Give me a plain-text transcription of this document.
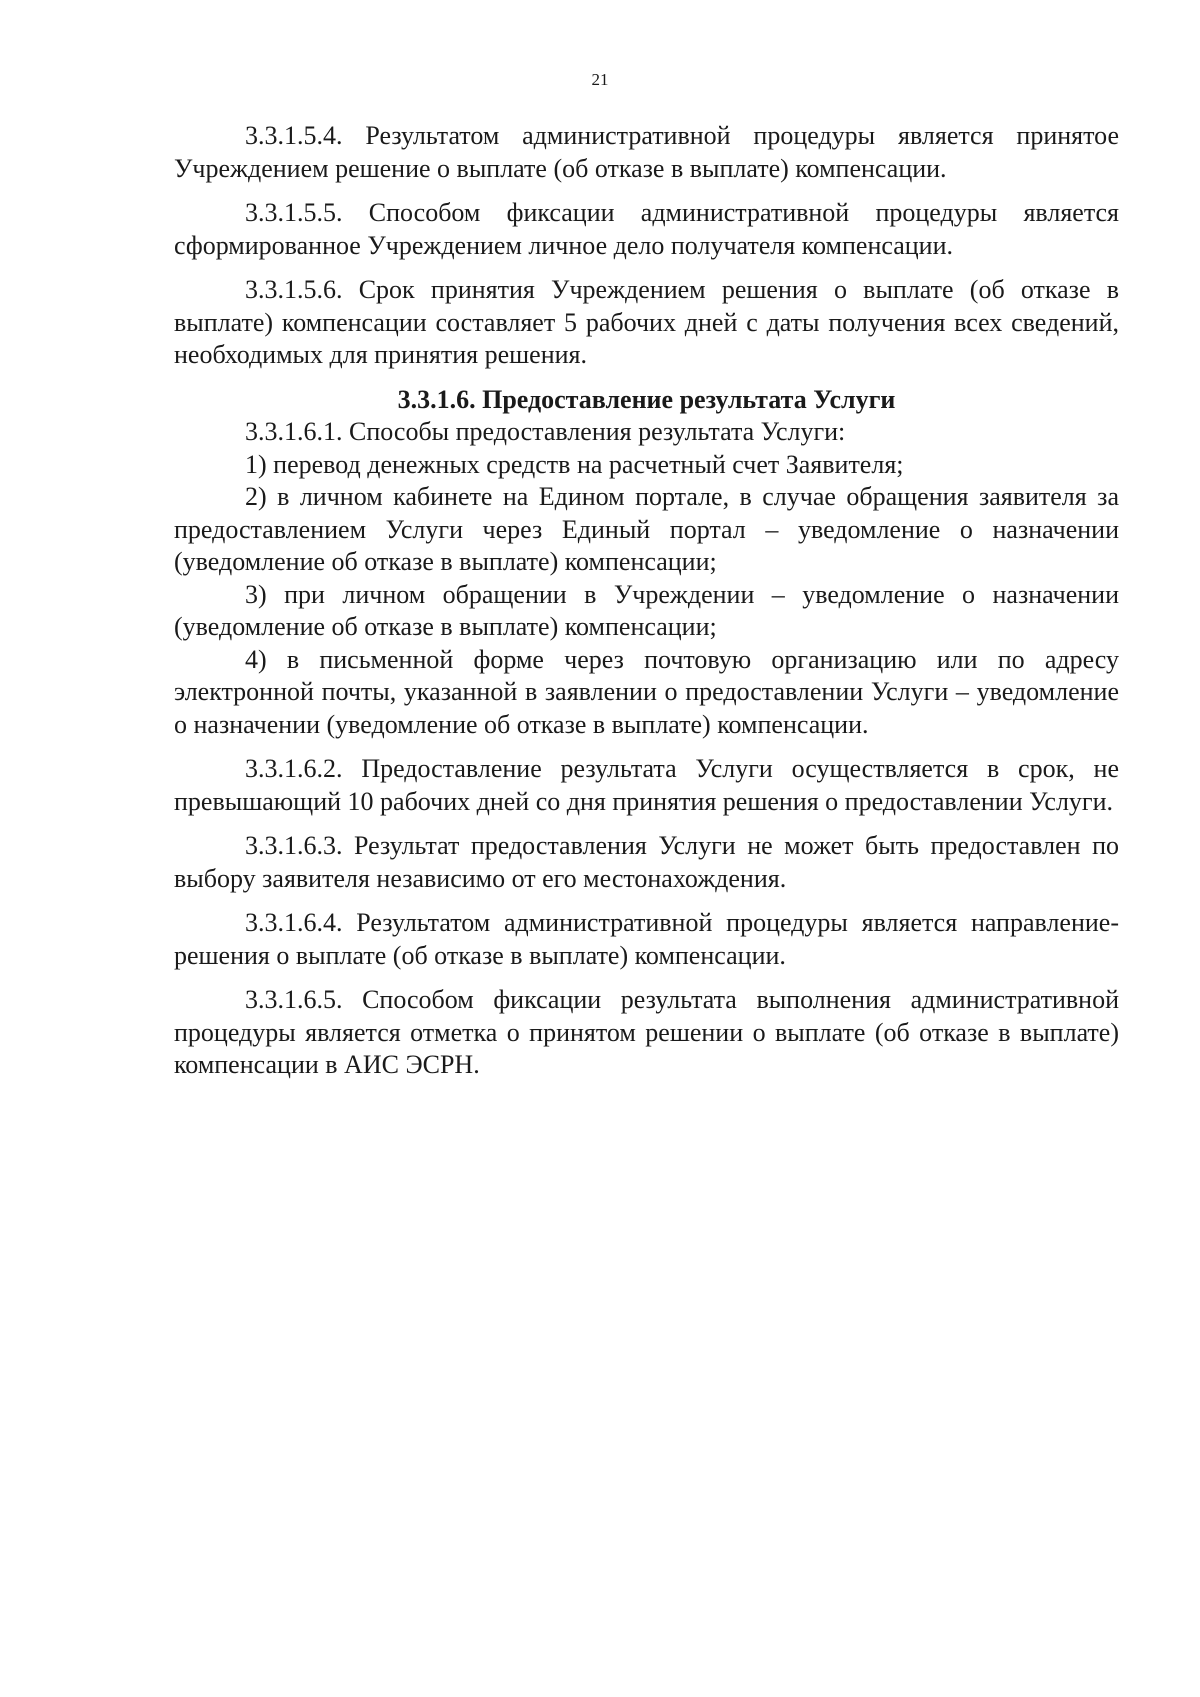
21

3.3.1.5.4. Результатом административной процедуры является принятое Учреждением решение о выплате (об отказе в выплате) компенсации.

3.3.1.5.5. Способом фиксации административной процедуры является сформированное Учреждением личное дело получателя компенсации.

3.3.1.5.6. Срок принятия Учреждением решения о выплате (об отказе в выплате) компенсации составляет 5 рабочих дней с даты получения всех сведений, необходимых для принятия решения.

3.3.1.6. Предоставление результата Услуги

3.3.1.6.1. Способы предоставления результата Услуги:

1) перевод денежных средств на расчетный счет Заявителя;

2) в личном кабинете на Едином портале, в случае обращения заявителя за предоставлением Услуги через Единый портал – уведомление о назначении (уведомление об отказе в выплате) компенсации;

3) при личном обращении в Учреждении – уведомление о назначении (уведомление об отказе в выплате) компенсации;

4) в письменной форме через почтовую организацию или по адресу электронной почты, указанной в заявлении о предоставлении Услуги – уведомление о назначении (уведомление об отказе в выплате) компенсации.

3.3.1.6.2. Предоставление результата Услуги осуществляется в срок, не превышающий 10 рабочих дней со дня принятия решения о предоставлении Услуги.

3.3.1.6.3. Результат предоставления Услуги не может быть предоставлен по выбору заявителя независимо от его местонахождения.

3.3.1.6.4. Результатом административной процедуры является направление-решения о выплате (об отказе в выплате) компенсации.

3.3.1.6.5. Способом фиксации результата выполнения административной процедуры является отметка о принятом решении о выплате (об отказе в выплате) компенсации в АИС ЭСРН.
